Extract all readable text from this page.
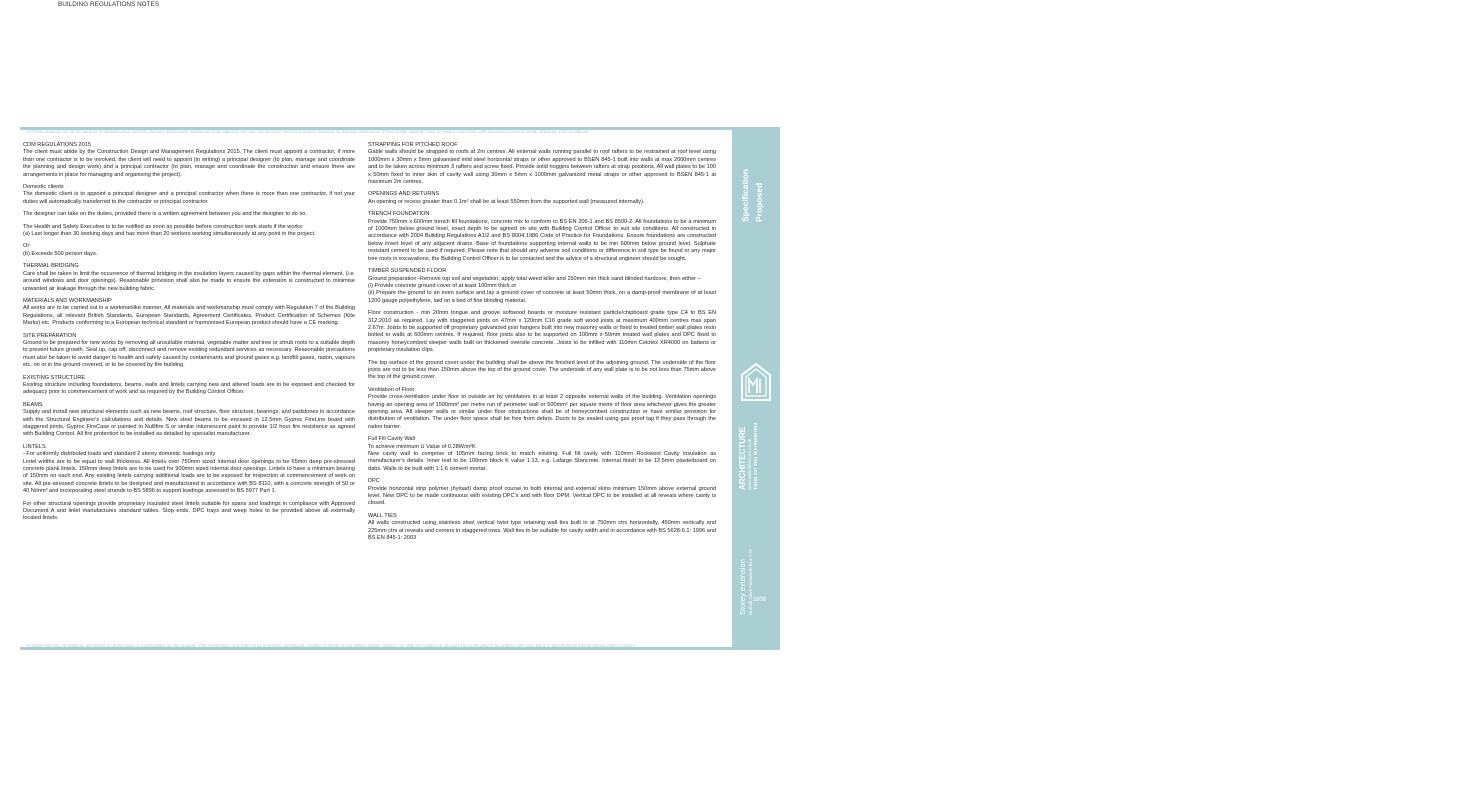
BUILDING REGULATIONS NOTES
All These drawings are for the purpose of obtaining local authority planning and building regulations plans approval only and should not be used as a working drawings for building construction. These design drawings must be read in conjunction with structural engineers design, drawings and calculations.
CDM REGULATIONS 2015
The client must abide by the Construction Design and Management Regulations 2015. The client must appoint a contractor, if more than one contractor is to be involved, the client will need to appoint (in writing) a principal designer (to plan, manage and coordinate the planning and design work) and a principal contractor (to plan, manage and coordinate the construction and ensure there are arrangements in place for managing and organising the project).
Domestic clients
The domestic client is to appoint a principal designer and a principal contractor when there is more than one contractor, if not your duties will automatically transferred to the contractor or principal contractor.
The designer can take on the duties, provided there is a written agreement between you and the designer to do so.
The Health and Safety Executive is to be notified as soon as possible before construction work starts if the works:
(a) Last longer than 30 working days and has more than 20 workers working simultaneously at any point in the project.
Or:
(b) Exceeds 500 person days.
THERMAL BRIDGING
Care shall be taken to limit the occurrence of thermal bridging in the insulation layers caused by gaps within the thermal element, (i.e. around windows and door openings). Reasonable provision shall also be made to ensure the extension is constructed to minimise unwanted air leakage through the new building fabric.
MATERIALS AND WORKMANSHIP
All works are to be carried out in a workmanlike manner. All materials and workmanship must comply with Regulation 7 of the Building Regulations, all relevant British Standards, European Standards, Agreement Certificates, Product Certification of Schemes (Kite Marks) etc. Products conforming to a European technical standard or harmonised European product should have a CE marking.
SITE PREPARATION
Ground to be prepared for new works by removing all unsuitable material, vegetable matter and tree or shrub roots to a suitable depth to prevent future growth. Seal up, cap off, disconnect and remove existing redundant services as necessary. Reasonable precautions must also be taken to avoid danger to health and safety caused by contaminants and ground gases e.g. landfill gases, radon, vapours etc. on or in the ground covered, or to be covered by the building.
EXISTING STRUCTURE
Existing structure including foundations, beams, walls and lintels carrying new and altered loads are to be exposed and checked for adequacy prior to commencement of work and as required by the Building Control Officer.
BEAMS
Supply and install new structural elements such as new beams, roof structure, floor structure, bearings, and padstones in accordance with the Structural Engineer's calculations and details. New steel beams to be encased in 12.5mm Gyproc FireLine board with staggered joints, Gyproc FireCase or painted in Nullifire S or similar intumescent paint to provide 1/2 hour fire resistance as agreed with Building Control. All fire protection to be installed as detailed by specialist manufacturer.
LINTELS
- For uniformly distributed loads and standard 2 storey domestic loadings only
Lintel widths are to be equal to wall thickness. All lintels over 750mm sized internal door openings to be 65mm deep pre-stressed concrete plank lintels. 150mm deep lintels are to be used for 900mm sized internal door openings. Lintels to have a minimum bearing of 150mm on each end. Any existing lintels carrying additional loads are to be exposed for inspection at commencement of work on site. All pre-stressed concrete lintels to be designed and manufactured in accordance with BS 8110, with a concrete strength of 50 or 40 N/mm² and incorporating steel strands to BS 5896 to support loadings assessed to BS 5977 Part 1.
For other structural openings provide proprietary insulated steel lintels suitable for spans and loadings in compliance with Approved Document A and lintel manufactures standard tables. Stop ends, DPC trays and weep holes to be provided above all externally located lintels.
STRAPPING FOR PITCHED ROOF
Gable walls should be strapped to roofs at 2m centres. All external walls running parallel to roof rafters to be restrained at roof level using 1000mm x 30mm x 5mm galvanised mild steel horizontal straps or other approved to BSEN 845-1 built into walls at max 2000mm centres and to be taken across minimum 3 rafters and screw fixed. Provide solid noggins between rafters at strap positions. All wall plates to be 100 x 50mm fixed to inner skin of cavity wall using 30mm x 5mm x 1000mm galvanized metal straps or other approved to BSEN 845-1 at maximum 2m centres.
OPENINGS AND RETURNS
An opening or recess greater than 0.1m² shall be at least 550mm from the supported wall (measured internally).
TRENCH FOUNDATION
Provide 750mm x 600mm trench fill foundations, concrete mix to conform to BS EN 206-1 and BS 8500-2. All foundations to be a minimum of 1000mm below ground level, exact depth to be agreed on site with Building Control Officer to suit site conditions. All constructed in accordance with 2004 Building Regulations A1/2 and BS 8004:1986 Code of Practice for Foundations. Ensure foundations are constructed below invert level of any adjacent drains. Base of foundations supporting internal walls to be min 600mm below ground level. Sulphate resistant cement to be used if required. Please note that should any adverse soil conditions or difference in soil type be found or any major tree roots in excavations, the Building Control Officer is to be contacted and the advice of a structural engineer should be sought.
TIMBER SUSPENDED FLOOR
Ground preparation -Remove top soil and vegetation, apply total weed killer and 150mm min thick sand blinded hardcore, then either –
(i) Provide concrete ground cover of at least 100mm thick or
(ii) Prepare the ground to an even surface and lay a ground cover of concrete at least 50mm thick, on a damp-proof membrane of at least 1200 gauge polyethylene, laid on a bed of fine blinding material.
Floor construction - min 20mm tongue and groove softwood boards or moisture resistant particle/chipboard grade type C4 to BS EN 312:2010 as required. Lay with staggered joints on 47mm x 120mm C16 grade soft wood joists at maximum 400mm centres max span 2.67m. Joists to be supported off proprietary galvanized joist hangers built into new masonry walls or fixed to treated timber wall plates resin bolted to walls at 600mm centres. If required, floor joists also to be supported on 100mm x 50mm treated wall plates and DPC fixed to masonry honeycombed sleeper walls built on thickened oversite concrete. Joists to be infilled with 110mm Celotex XR4000 on battens or proprietary insulation clips.
The top surface of the ground cover under the building shall be above the finished level of the adjoining ground. The underside of the floor joists are not to be less than 150mm above the top of the ground cover. The underside of any wall plate is to be not less than 75mm above the top of the ground cover.
Ventilation of Floor
Provide cross-ventilation under floor to outside air by ventilators in at least 2 opposite external walls of the building. Ventilation openings having an opening area of 1500mm² per metre run of perimeter wall or 500mm² per square metre of floor area whichever gives the greater opening area. All sleeper walls or similar under floor obstructions shall be of honeycombed construction or have similar provision for distribution of ventilation. The under floor space shall be free from debris. Ducts to be sealed using gas proof tap if they pass through the radon barrier.
Full Fill Cavity Wall
To achieve minimum U Value of 0.28W/m²K
New cavity wall to comprise of 105mm facing brick to match existing. Full fill cavity with 110mm Rockwool Cavity insulation as manufacturer's details. Inner leaf to be 100mm block K value 1.13, e.g. Lafarge Stancrete. Internal finish to be 12.5mm plasterboard on dabs. Walls to be built with 1:1:6 cement mortar.
DPC
Provide horizontal strip polymer (hyload) damp proof course to both internal and external skins minimum 150mm above external ground level. New DPC to be made continuous with existing DPC's and with floor DPM. Vertical DPC to be installed at all reveals where cavity is closed.
WALL TIES
All walls constructed using stainless steel vertical twist type retaining wall ties built in at 750mm ctrs horizontally, 450mm vertically and 225mm ctrs at reveals and corners in staggered rows. Wall ties to be suitable for cavity width and in accordance with BS 5628-6.1: 1996 and BS EN 845-1: 2003
Specification Proposed
ARCHITECTURE www.miarchitecture.co.uk T:0161 237 2911 M:07980637914
Storey extension Norfolk Drive Farnworth BL4 7JS 1808
12.
All rights reserved. All drawings and design on these plans or specifications are the property of MI Architecture, and shall not be re-printed, reproduced, modified in whole or part without written consent, nor shall any building or structure be constructed in accordance with such plans or specifications thereof without written consent.
